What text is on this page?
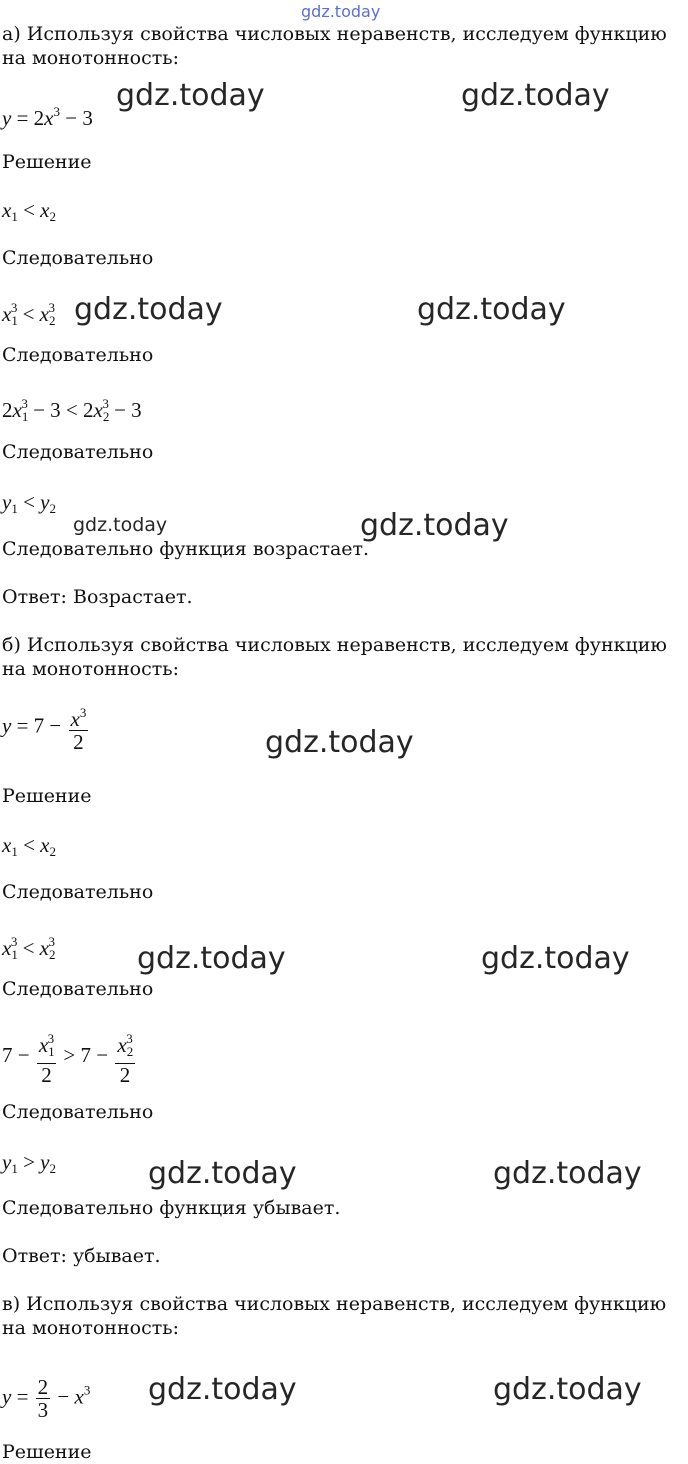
gdz.today
gdz.today	gdz.today
gdz.today	gdz.today
gdz.today	gdz.today
gdz.today
gdz.today	gdz.today
gdz.today	gdz.today
gdz.today	gdz.today
а) Используя свойства числовых неравенств, исследуем функцию на монотонность:
$y = 2x^3 - 3$
Решение
$x_1 < x_2$
Следовательно
$x_1^3 < x_2^3$
Следовательно
$2x_1^3 - 3 < 2x_2^3 - 3$
Следовательно
$y_1 < y_2$
Следовательно функция возрастает.
Ответ: Возрастает.
б) Используя свойства числовых неравенств, исследуем функцию на монотонность:
$y = 7 - \frac{x^3}{2}$
Решение
$x_1 < x_2$
Следовательно
$x_1^3 < x_2^3$
Следовательно
$7 - \frac{x_1^3}{2} > 7 - \frac{x_2^3}{2}$
Следовательно
$y_1 > y_2$
Следовательно функция убывает.
Ответ: убывает.
в) Используя свойства числовых неравенств, исследуем функцию на монотонность:
$y = \frac{2}{3} - x^3$
Решение
